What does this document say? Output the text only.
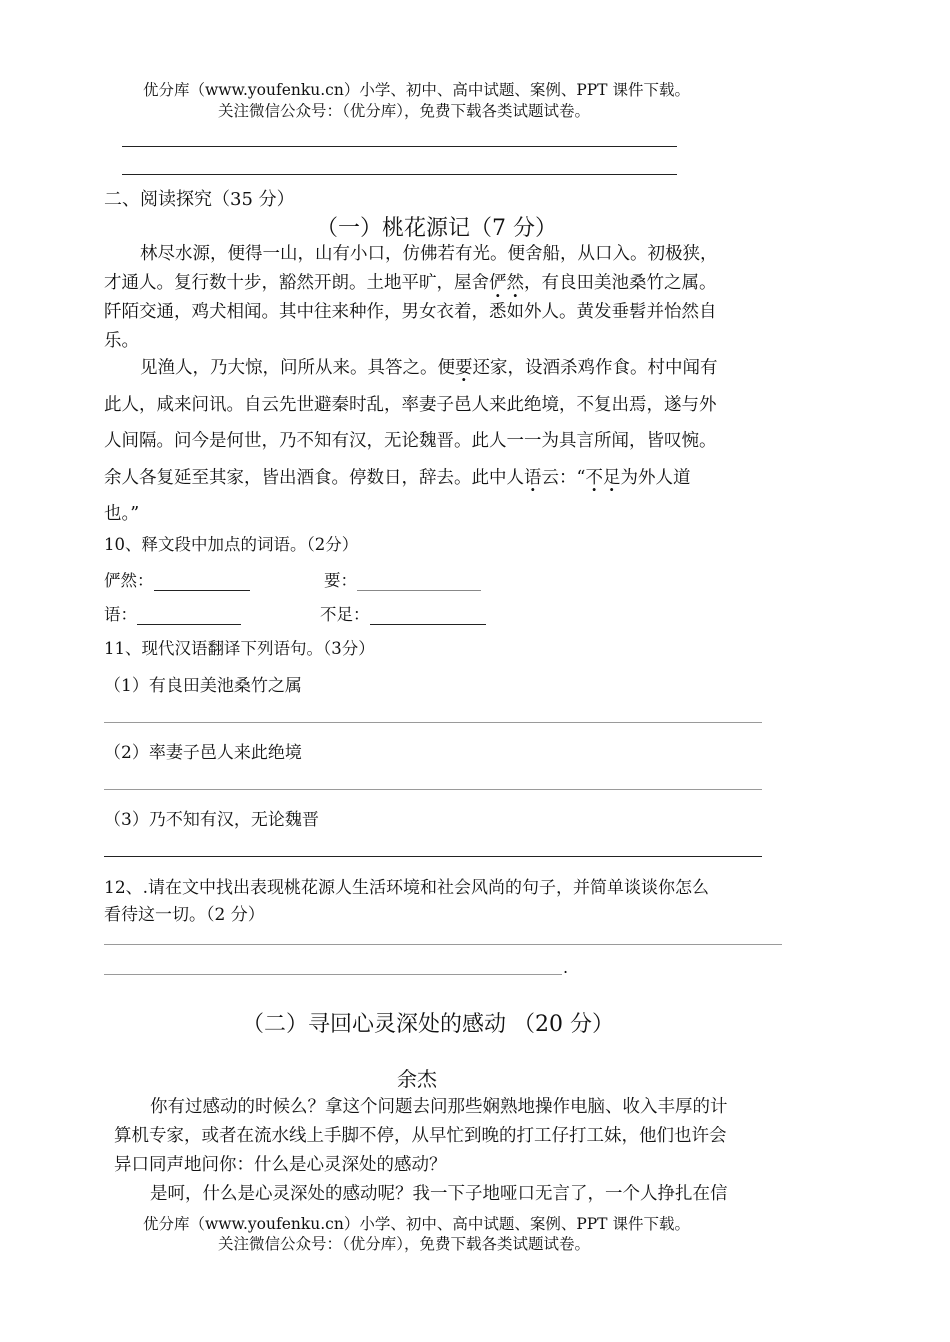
优分库（www.youfenku.cn）小学、初中、高中试题、案例、PPT 课件下载。
关注微信公众号：（优分库），免费下载各类试题试卷。
二、阅读探究（35 分）
（一）桃花源记（7 分）
林尽水源，便得一山，山有小口，仿佛若有光。便舍船，从口入。初极狭，
才通人。复行数十步，豁然开朗。土地平旷，屋舍俨然，有良田美池桑竹之属。
阡陌交通，鸡犬相闻。其中往来种作，男女衣着，悉如外人。黄发垂髫并怡然自
乐。
见渔人，乃大惊，问所从来。具答之。便要还家，设酒杀鸡作食。村中闻有
此人，咸来问讯。自云先世避秦时乱，率妻子邑人来此绝境，不复出焉，遂与外
人间隔。问今是何世，乃不知有汉，无论魏晋。此人一一为具言所闻，皆叹惋。
余人各复延至其家，皆出酒食。停数日，辞去。此中人语云：“不足为外人道
也。”
10、释文段中加点的词语。（2分）
俨然：	要：
语：	不足：
11、现代汉语翻译下列语句。（3分）
（1）有良田美池桑竹之属
（2）率妻子邑人来此绝境
（3）乃不知有汉，无论魏晋
12、.请在文中找出表现桃花源人生活环境和社会风尚的句子，并简单谈谈你怎么
看待这一切。（2 分）
.
（二）寻回心灵深处的感动 （20 分）
余杰
你有过感动的时候么？拿这个问题去问那些娴熟地操作电脑、收入丰厚的计
算机专家，或者在流水线上手脚不停，从早忙到晚的打工仔打工妹，他们也许会
异口同声地问你：什么是心灵深处的感动？
是呵，什么是心灵深处的感动呢？我一下子地哑口无言了，一个人挣扎在信
优分库（www.youfenku.cn）小学、初中、高中试题、案例、PPT 课件下载。
关注微信公众号：（优分库），免费下载各类试题试卷。
